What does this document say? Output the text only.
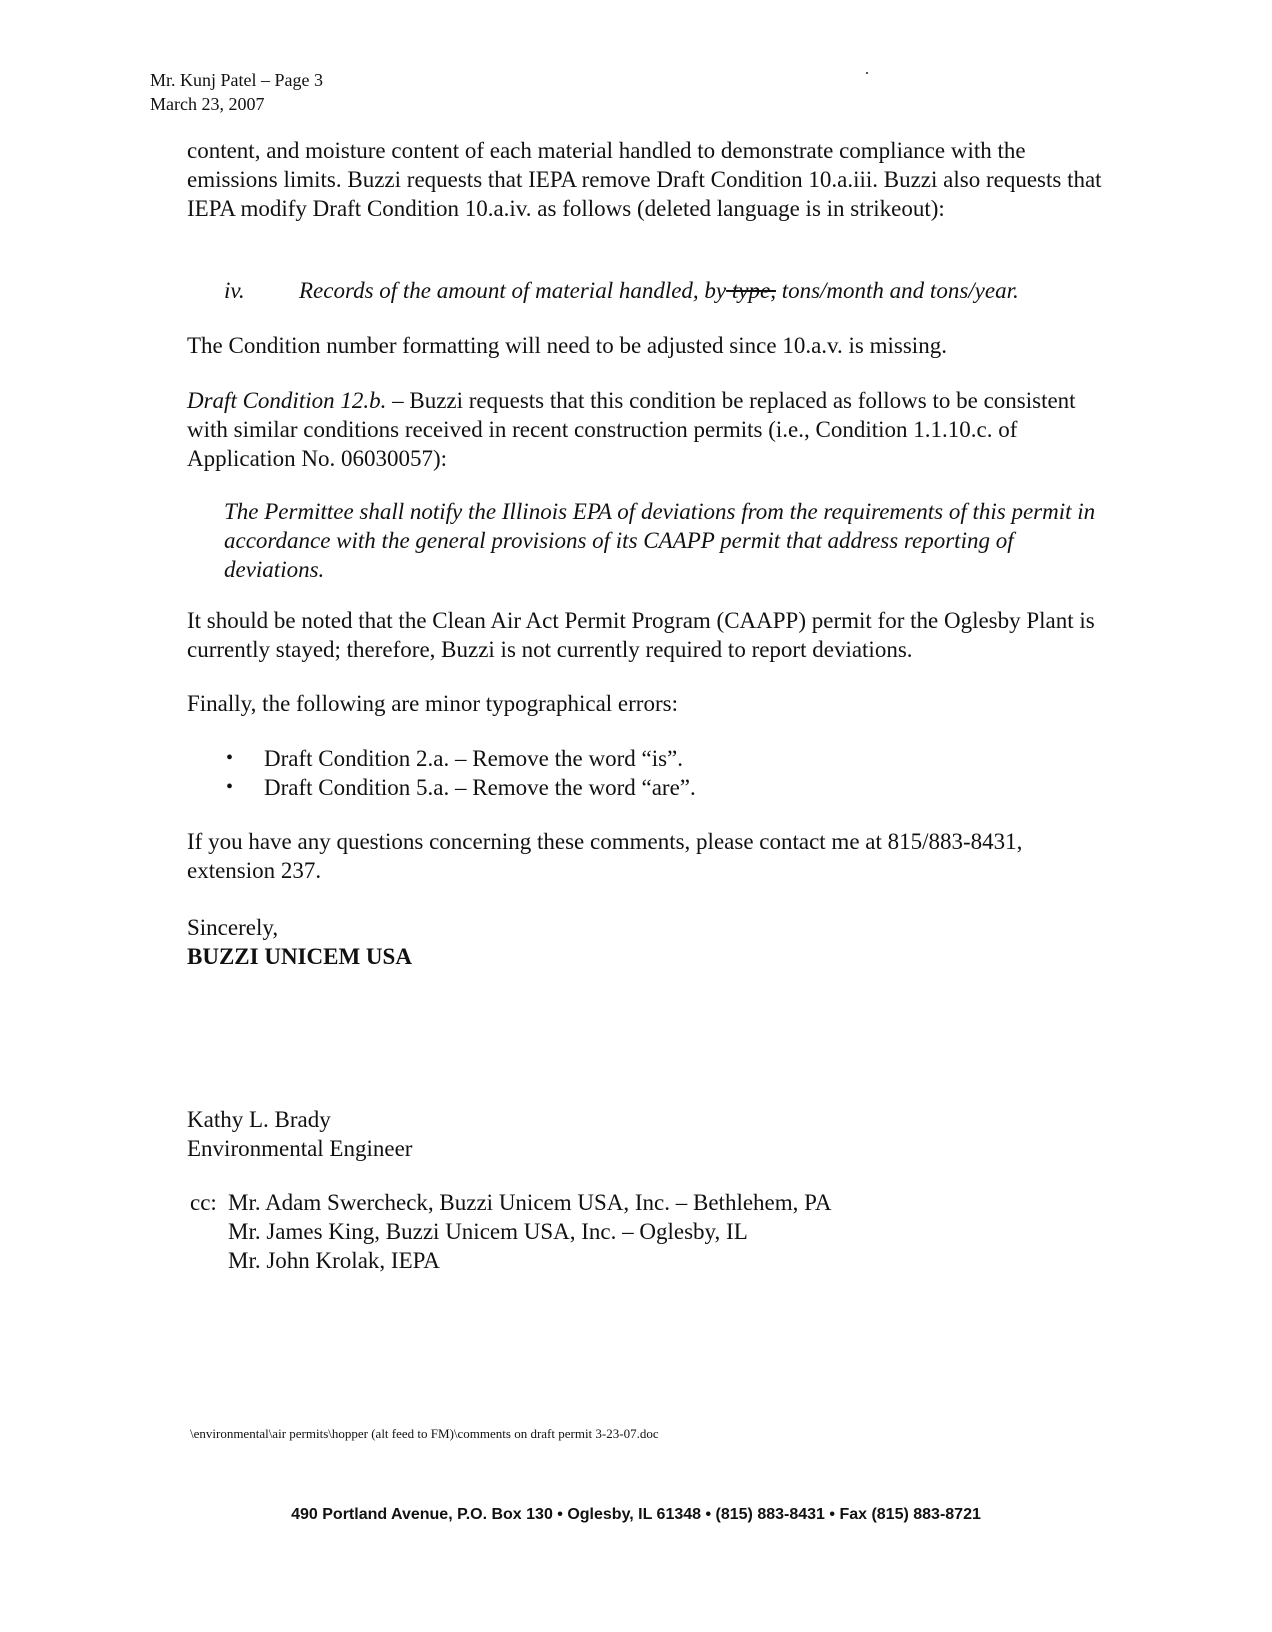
Mr. Kunj Patel – Page 3
March 23, 2007

content, and moisture content of each material handled to demonstrate compliance with the emissions limits. Buzzi requests that IEPA remove Draft Condition 10.a.iii. Buzzi also requests that IEPA modify Draft Condition 10.a.iv. as follows (deleted language is in strikeout):

iv. Records of the amount of material handled, by type, tons/month and tons/year.

The Condition number formatting will need to be adjusted since 10.a.v. is missing.

Draft Condition 12.b. – Buzzi requests that this condition be replaced as follows to be consistent with similar conditions received in recent construction permits (i.e., Condition 1.1.10.c. of Application No. 06030057):

The Permittee shall notify the Illinois EPA of deviations from the requirements of this permit in accordance with the general provisions of its CAAPP permit that address reporting of deviations.

It should be noted that the Clean Air Act Permit Program (CAAPP) permit for the Oglesby Plant is currently stayed; therefore, Buzzi is not currently required to report deviations.

Finally, the following are minor typographical errors:

• Draft Condition 2.a. – Remove the word “is”.
• Draft Condition 5.a. – Remove the word “are”.

If you have any questions concerning these comments, please contact me at 815/883-8431, extension 237.

Sincerely,
BUZZI UNICEM USA
Kathy L. Brady
Environmental Engineer
cc: Mr. Adam Swercheck, Buzzi Unicem USA, Inc. – Bethlehem, PA
Mr. James King, Buzzi Unicem USA, Inc. – Oglesby, IL
Mr. John Krolak, IEPA
\environmental\air permits\hopper (alt feed to FM)\comments on draft permit 3-23-07.doc
490 Portland Avenue, P.O. Box 130 • Oglesby, IL 61348 • (815) 883-8431 • Fax (815) 883-8721
